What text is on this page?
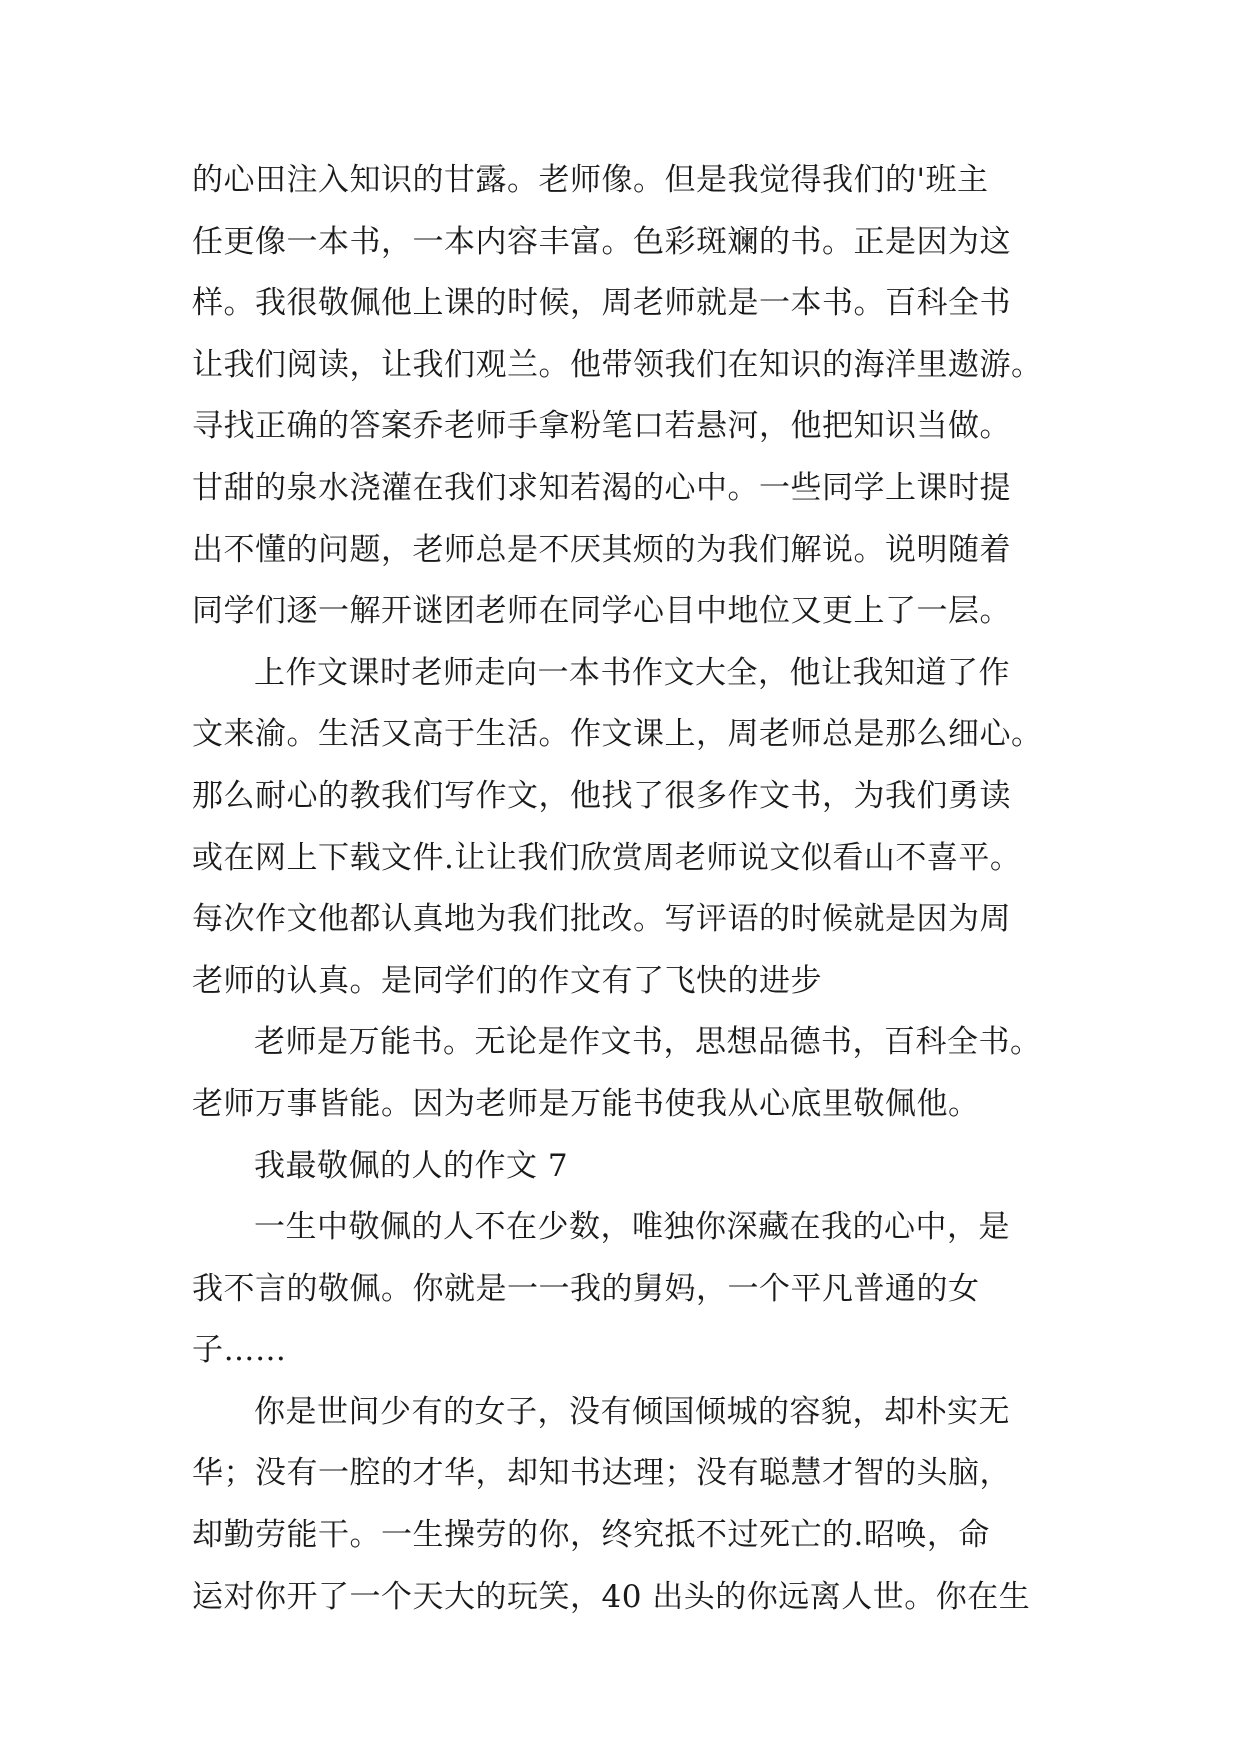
的心田注入知识的甘露。老师像。但是我觉得我们的'班主
任更像一本书，一本内容丰富。色彩斑斓的书。正是因为这
样。我很敬佩他上课的时候，周老师就是一本书。百科全书
让我们阅读，让我们观兰。他带领我们在知识的海洋里遨游。
寻找正确的答案乔老师手拿粉笔口若悬河，他把知识当做。
甘甜的泉水浇灌在我们求知若渴的心中。一些同学上课时提
出不懂的问题，老师总是不厌其烦的为我们解说。说明随着
同学们逐一解开谜团老师在同学心目中地位又更上了一层。
上作文课时老师走向一本书作文大全，他让我知道了作
文来渝。生活又高于生活。作文课上，周老师总是那么细心。
那么耐心的教我们写作文，他找了很多作文书，为我们勇读
或在网上下载文件.让让我们欣赏周老师说文似看山不喜平。
每次作文他都认真地为我们批改。写评语的时候就是因为周
老师的认真。是同学们的作文有了飞快的进步
老师是万能书。无论是作文书，思想品德书，百科全书。
老师万事皆能。因为老师是万能书使我从心底里敬佩他。
我最敬佩的人的作文 7
一生中敬佩的人不在少数，唯独你深藏在我的心中，是
我不言的敬佩。你就是一一我的舅妈，一个平凡普通的女
子……
你是世间少有的女子，没有倾国倾城的容貌，却朴实无
华；没有一腔的才华，却知书达理；没有聪慧才智的头脑，
却勤劳能干。一生操劳的你，终究抵不过死亡的.昭唤，命
运对你开了一个天大的玩笑，40 出头的你远离人世。你在生
